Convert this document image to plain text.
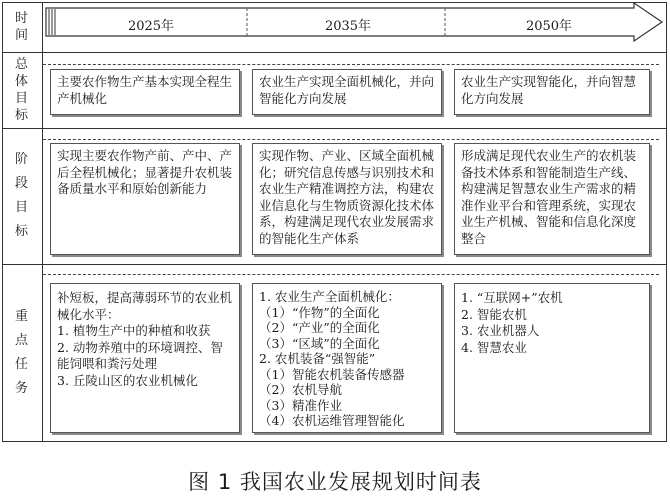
时间
总体目标
阶段目标
重点任务
2025年	2035年	2050年

主要农作物生产基本实现全程生产机械化

农业生产实现全面机械化，并向智能化方向发展

农业生产实现智能化，并向智慧化方向发展

实现主要农作物产前、产中、产后全程机械化；显著提升农机装备质量水平和原始创新能力

实现作物、产业、区域全面机械化；研究信息传感与识别技术和农业生产精准调控方法，构建农业信息化与生物质资源化技术体系，构建满足现代农业发展需求的智能化生产体系

形成满足现代农业生产的农机装备技术体系和智能制造生产线、构建满足智慧农业生产需求的精准作业平台和管理系统，实现农业生产机械、智能和信息化深度整合

补短板，提高薄弱环节的农业机械化水平：

1. 植物生产中的种植和收获

2. 动物养殖中的环境调控、智能饲喂和粪污处理

3. 丘陵山区的农业机械化

1. 农业生产全面机械化：

（1）“作物”的全面化

（2）“产业”的全面化

（3）“区域”的全面化

2. 农机装备“强智能”

（1）智能农机装备传感器

（2）农机导航

（3）精准作业

（4）农机运维管理智能化

1. “互联网+”农机

2. 智能农机

3. 农业机器人

4. 智慧农业

图 1 我国农业发展规划时间表
